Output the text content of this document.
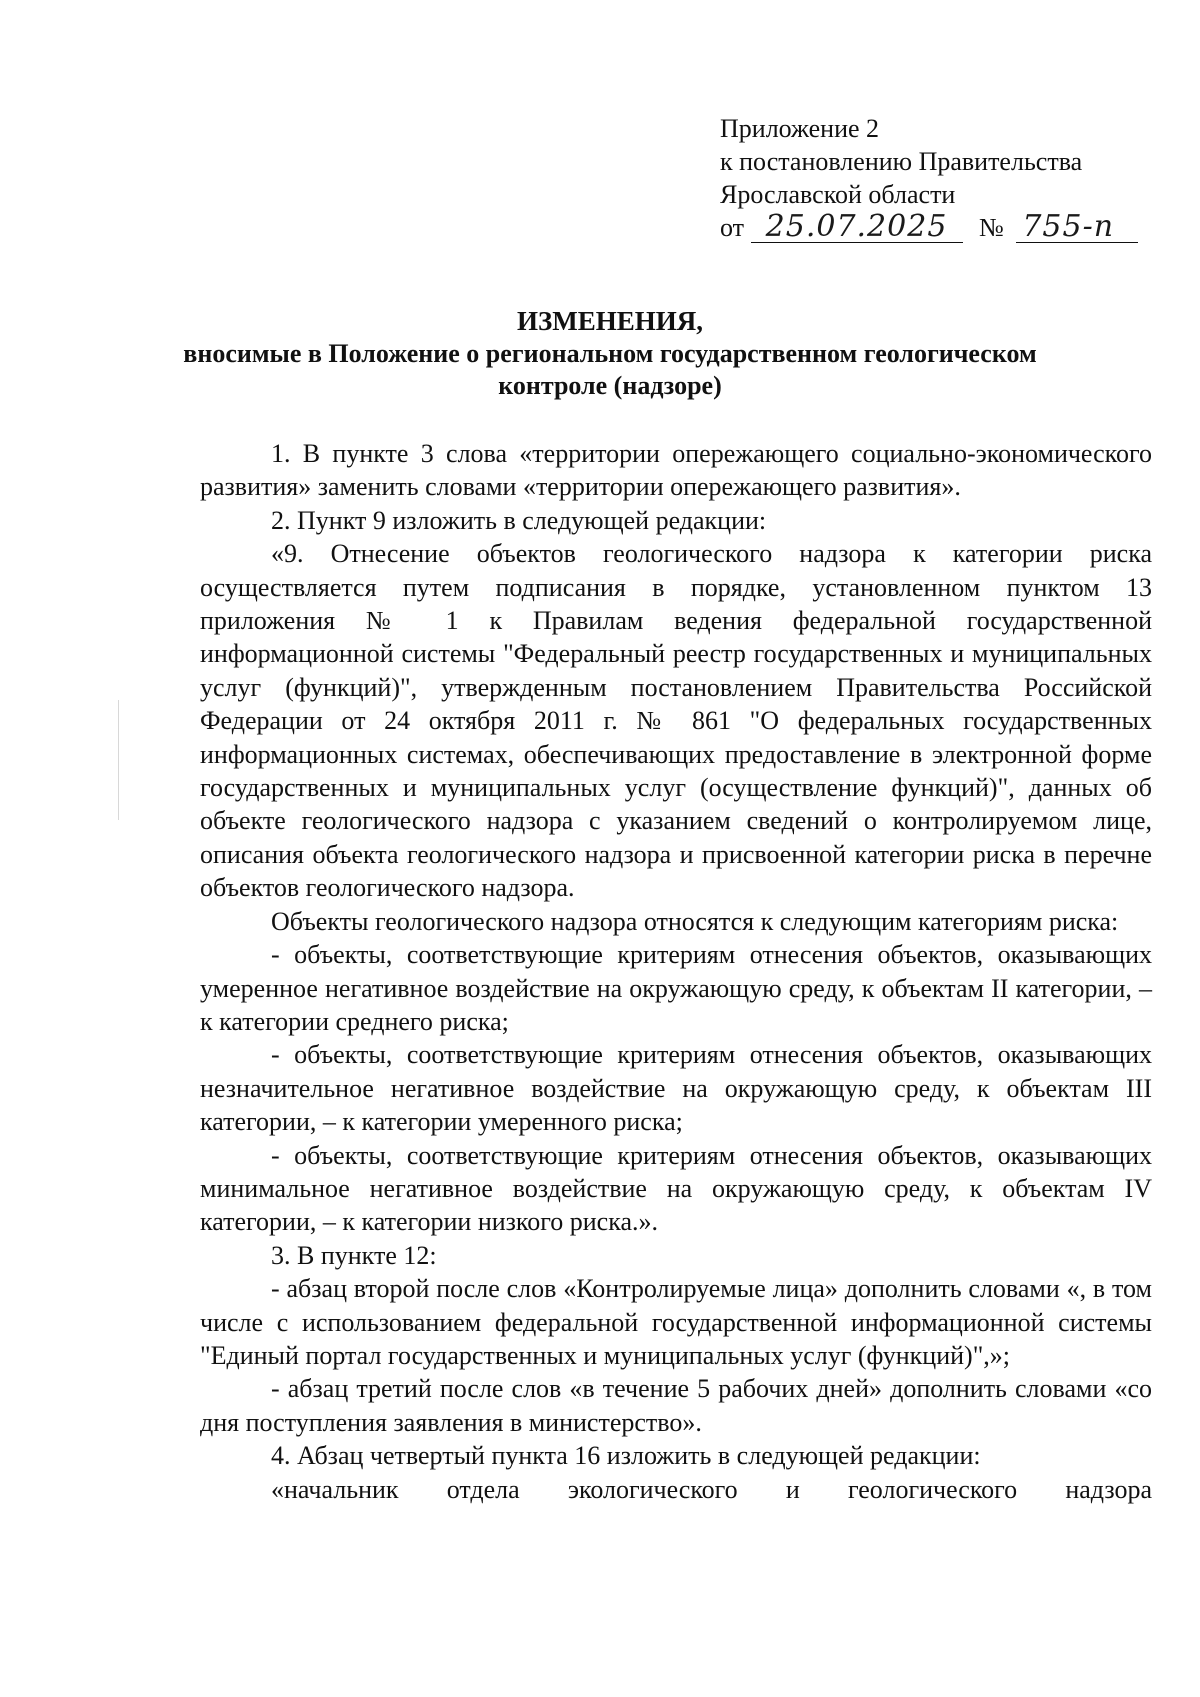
Приложение 2
к постановлению Правительства
Ярославской области
от 25.07.2025 № 755-п
ИЗМЕНЕНИЯ,
вносимые в Положение о региональном государственном геологическом
контроле (надзоре)

1. В пункте 3 слова «территории опережающего социально-экономического развития» заменить словами «территории опережающего развития».

2. Пункт 9 изложить в следующей редакции:

«9. Отнесение объектов геологического надзора к категории риска осуществляется путем подписания в порядке, установленном пунктом 13 приложения № 1 к Правилам ведения федеральной государственной информационной системы "Федеральный реестр государственных и муниципальных услуг (функций)", утвержденным постановлением Правительства Российской Федерации от 24 октября 2011 г. № 861 "О федеральных государственных информационных системах, обеспечивающих предоставление в электронной форме государственных и муниципальных услуг (осуществление функций)", данных об объекте геологического надзора с указанием сведений о контролируемом лице, описания объекта геологического надзора и присвоенной категории риска в перечне объектов геологического надзора.

Объекты геологического надзора относятся к следующим категориям риска:

- объекты, соответствующие критериям отнесения объектов, оказывающих умеренное негативное воздействие на окружающую среду, к объектам II категории, – к категории среднего риска;

- объекты, соответствующие критериям отнесения объектов, оказывающих незначительное негативное воздействие на окружающую среду, к объектам III категории, – к категории умеренного риска;

- объекты, соответствующие критериям отнесения объектов, оказывающих минимальное негативное воздействие на окружающую среду, к объектам IV категории, – к категории низкого риска.».

3. В пункте 12:

- абзац второй после слов «Контролируемые лица» дополнить словами «, в том числе с использованием федеральной государственной информационной системы "Единый портал государственных и муниципальных услуг (функций)",»;

- абзац третий после слов «в течение 5 рабочих дней» дополнить словами «со дня поступления заявления в министерство».

4. Абзац четвертый пункта 16 изложить в следующей редакции:

«начальник отдела экологического и геологического надзора
